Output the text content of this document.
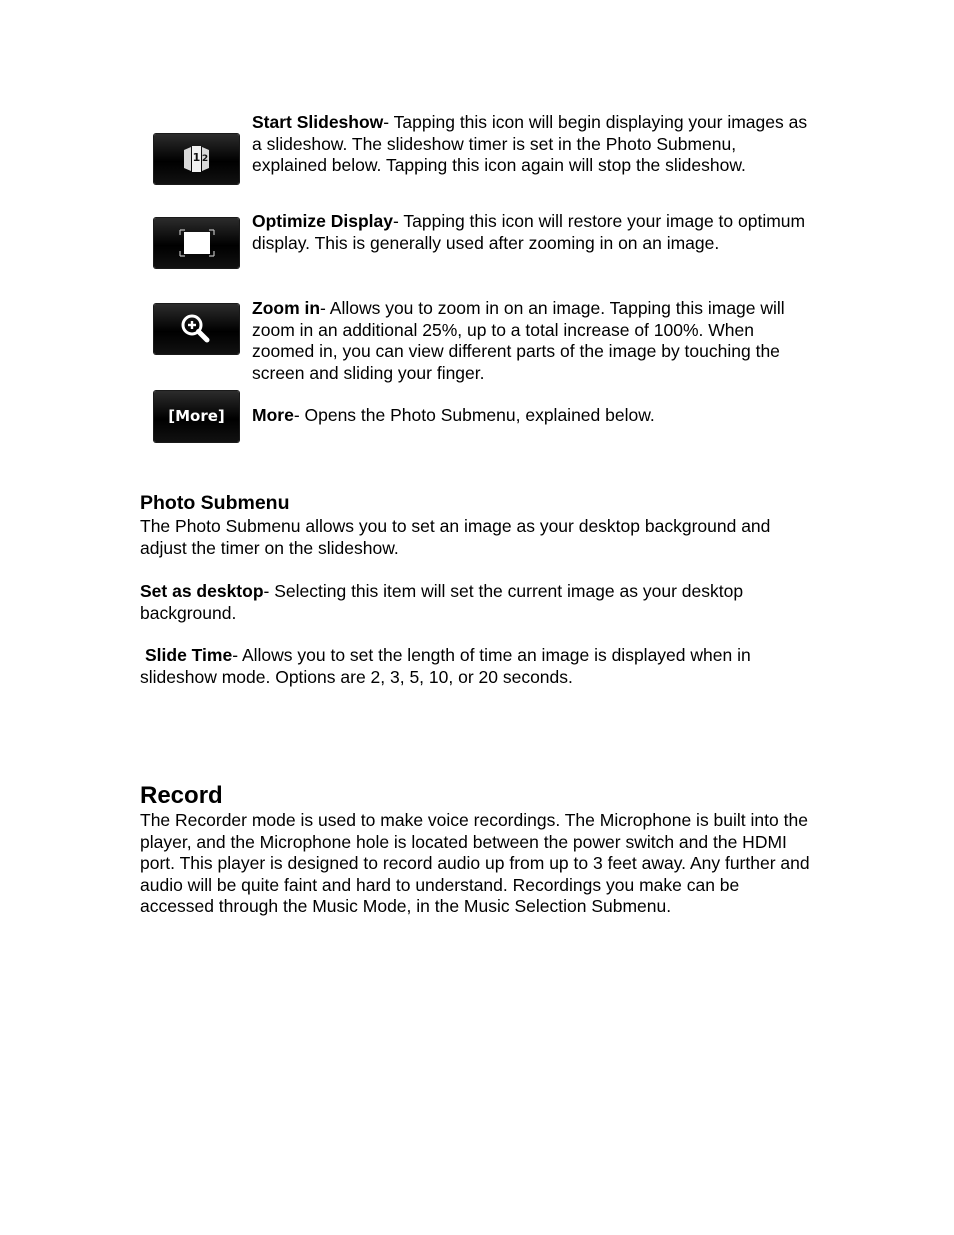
1 2

Start Slideshow- Tapping this icon will begin displaying your images as a slideshow. The slideshow timer is set in the Photo Submenu, explained below. Tapping this icon again will stop the slideshow.

Optimize Display- Tapping this icon will restore your image to optimum display. This is generally used after zooming in on an image.

Zoom in- Allows you to zoom in on an image. Tapping this image will zoom in an additional 25%, up to a total increase of 100%. When zoomed in, you can view different parts of the image by touching the screen and sliding your finger.

[More]	More- Opens the Photo Submenu, explained below.

Photo Submenu

The Photo Submenu allows you to set an image as your desktop background and adjust the timer on the slideshow.

Set as desktop- Selecting this item will set the current image as your desktop background.

Slide Time- Allows you to set the length of time an image is displayed when in slideshow mode. Options are 2, 3, 5, 10, or 20 seconds.

Record

The Recorder mode is used to make voice recordings. The Microphone is built into the player, and the Microphone hole is located between the power switch and the HDMI port. This player is designed to record audio up from up to 3 feet away. Any further and audio will be quite faint and hard to understand. Recordings you make can be accessed through the Music Mode, in the Music Selection Submenu.
